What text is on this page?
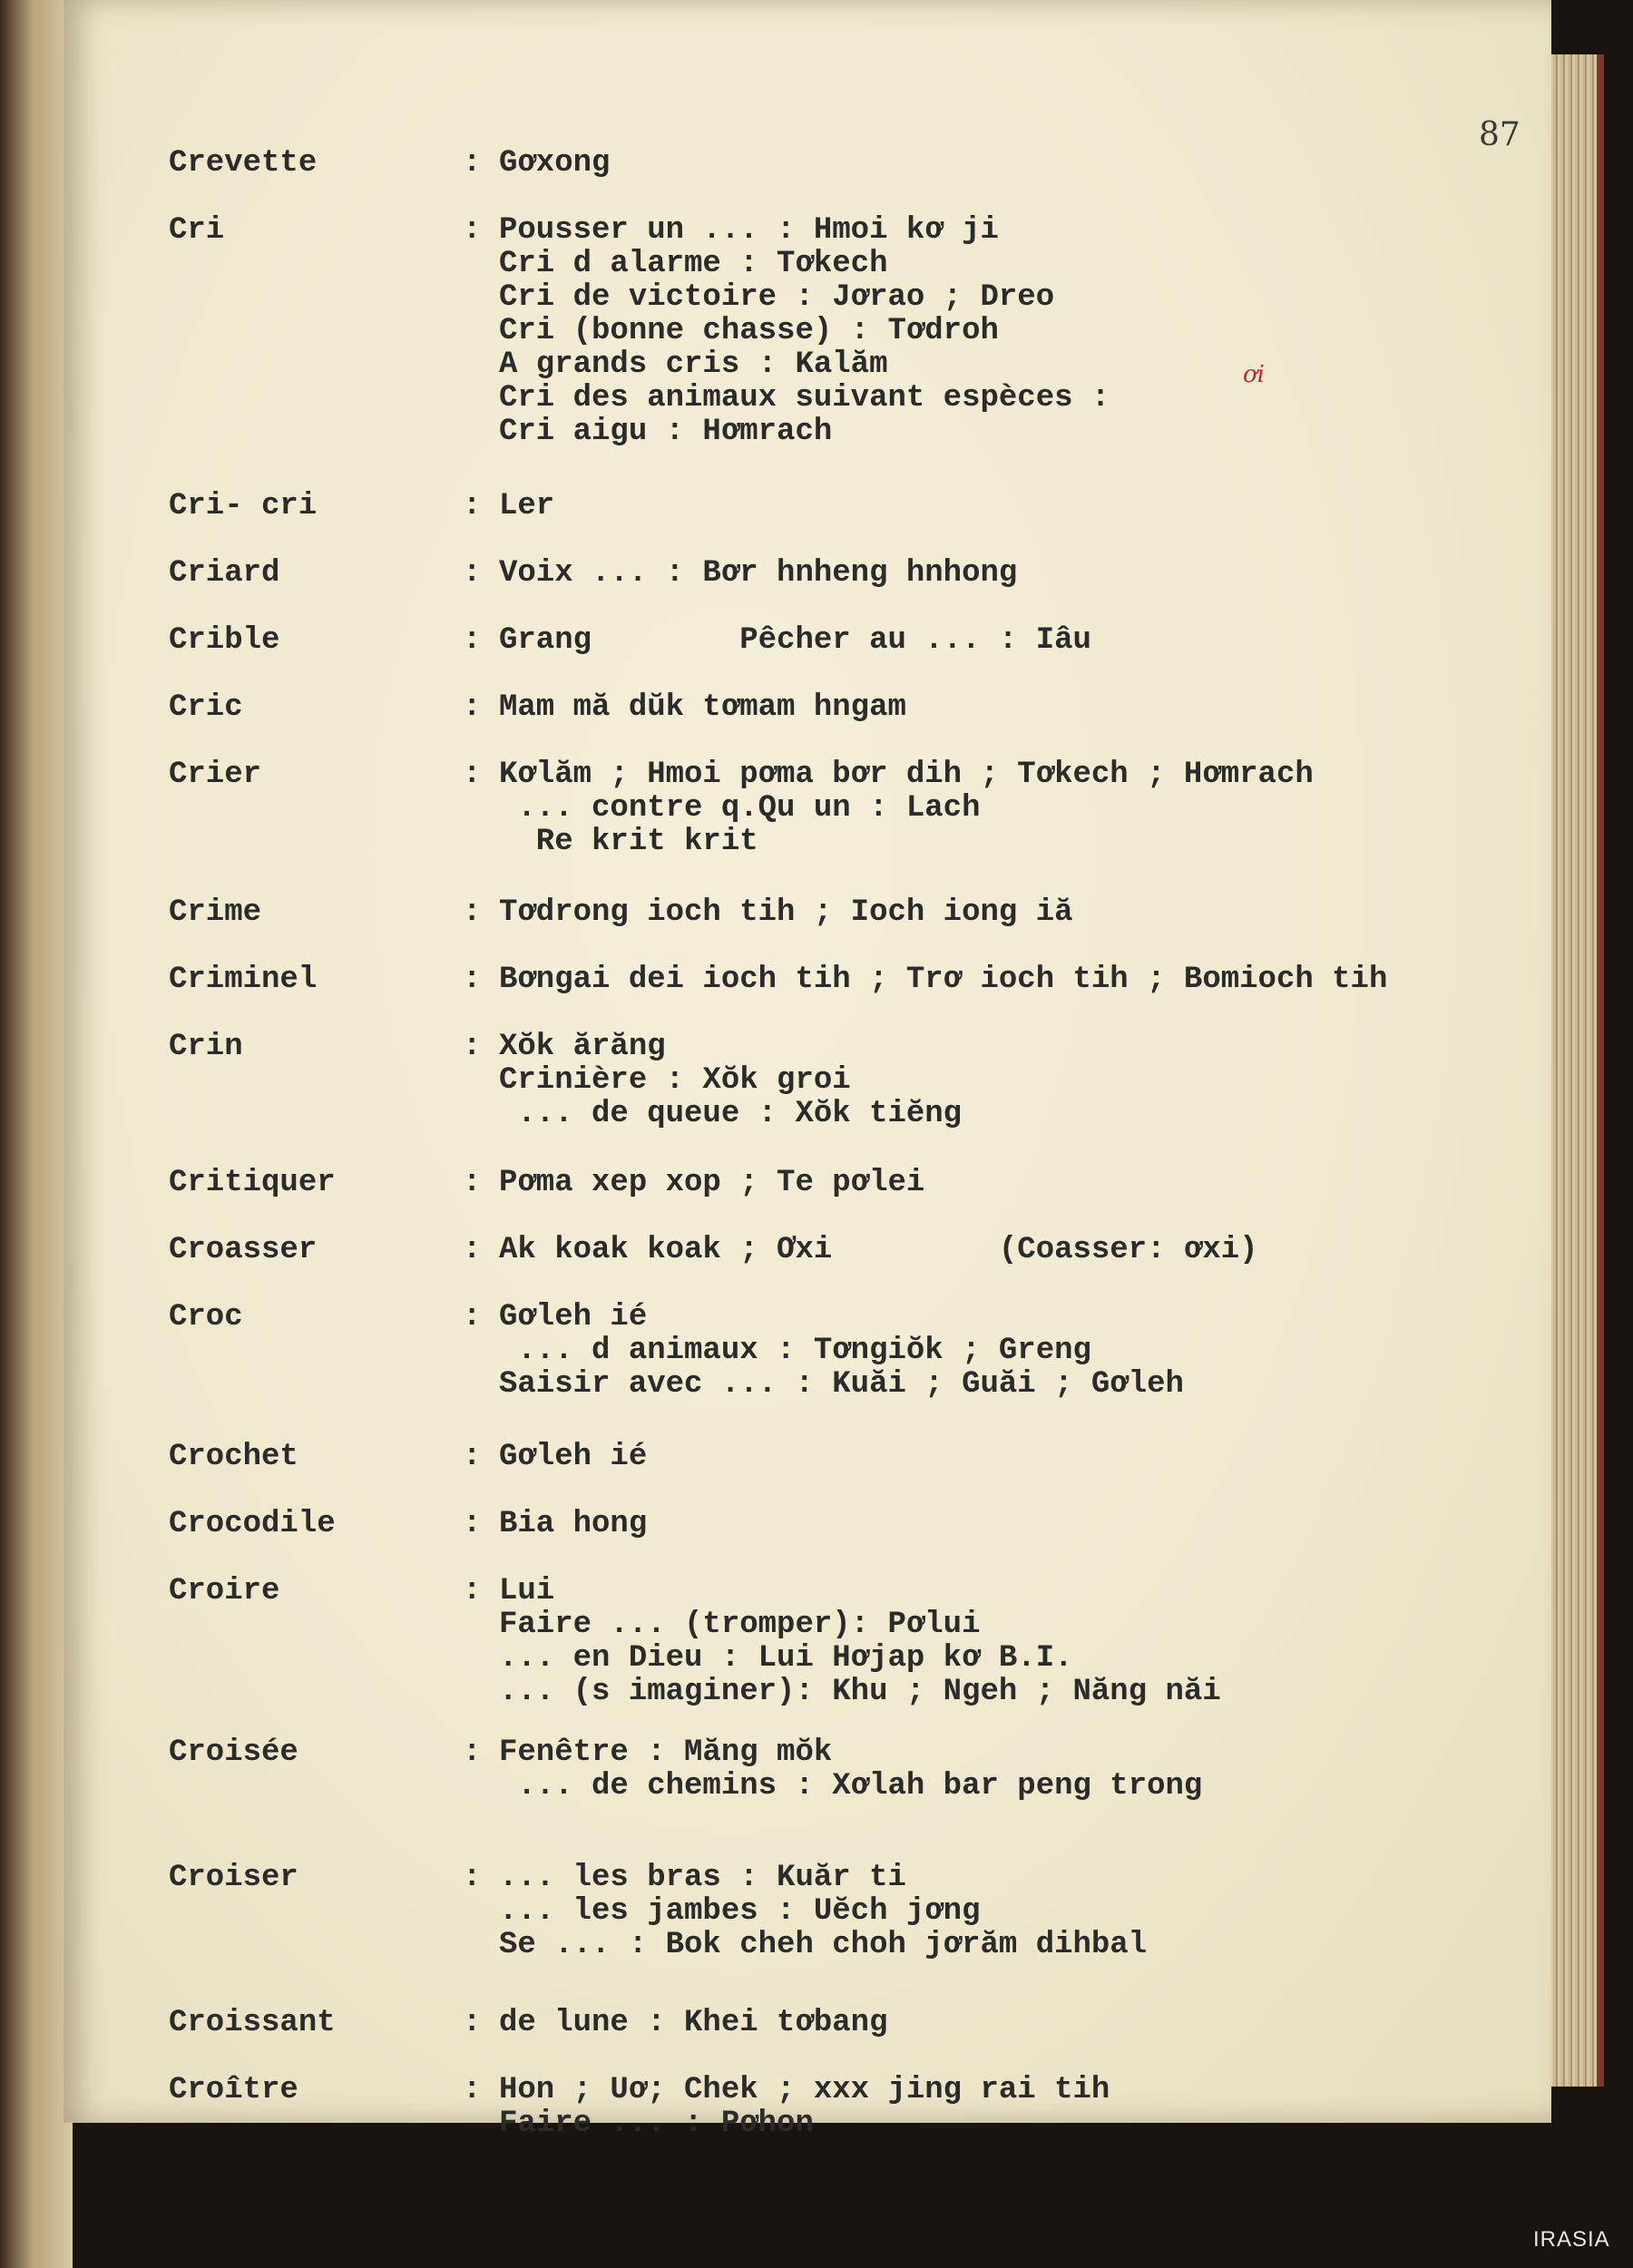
87
ơi
Crevette	: Gơxong
Cri	: Pousser un ... : Hmoi kơ ji
Cri d alarme : Tơkech
Cri de victoire : Jơrao ; Dreo
Cri (bonne chasse) : Tơdroh
A grands cris : Kalăm
Cri des animaux suivant espèces :
Cri aigu : Hơmrach
Cri- cri	: Ler
Criard	: Voix ... : Bơr hnheng hnhong
Crible	: Grang        Pêcher au ... : Iâu
Cric	: Mam mă dŭk tơmam hngam
Crier	: Kơlăm ; Hmoi pơma bơr dih ; Tơkech ; Hơmrach
... contre q.Qu un : Lach
Re krit krit
Crime	: Tơdrong ioch tih ; Ioch iong iă
Criminel	: Bơngai dei ioch tih ; Trơ ioch tih ; Bomioch tih
Crin	: Xŏk ărăng
Crinière : Xŏk groi
... de queue : Xŏk tiĕng
Critiquer	: Pơma xep xop ; Te pơlei
Croasser	: Ak koak koak ; Ơxi         (Coasser: ơxi)
Croc	: Gơleh ié
... d animaux : Tơngiŏk ; Greng
Saisir avec ... : Kuăi ; Guăi ; Gơleh
Crochet	: Gơleh ié
Crocodile	: Bia hong
Croire	: Lui
Faire ... (tromper): Pơlui
... en Dieu : Lui Hơjap kơ B.I.
... (s imaginer): Khu ; Ngeh ; Năng năi
Croisée	: Fenêtre : Măng mŏk
... de chemins : Xơlah bar peng trong
Croiser	: ... les bras : Kuăr ti
... les jambes : Uĕch jơng
Se ... : Bok cheh choh jơrăm dihbal
Croissant	: de lune : Khei tơbang
Croître	: Hon ; Uơ; Chek ; xxx jing rai tih
Faire ... : Pơhon
IRASIA
